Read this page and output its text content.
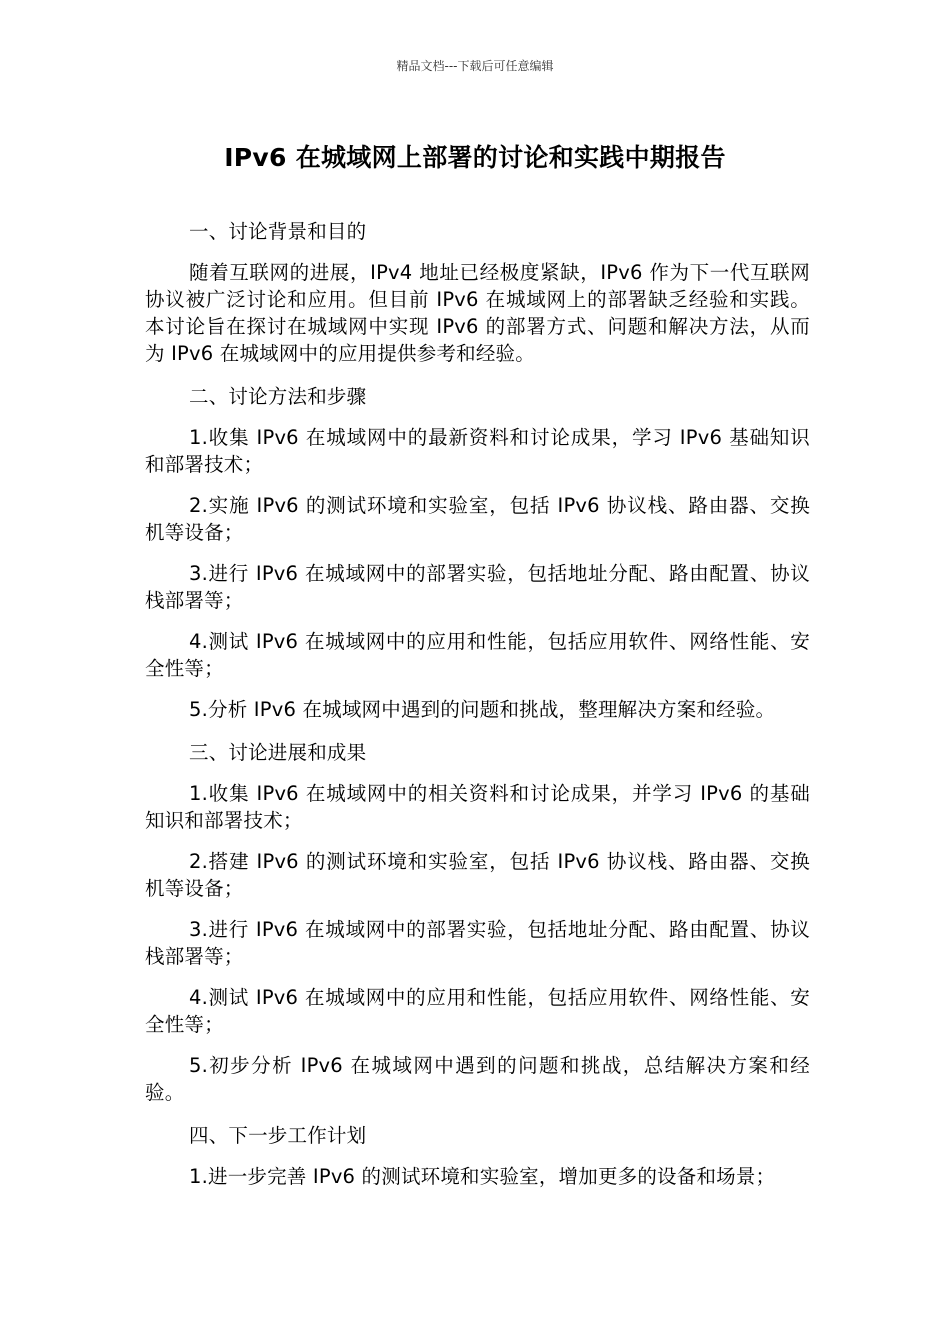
精品文档---下载后可任意编辑
IPv6 在城域网上部署的讨论和实践中期报告

一、讨论背景和目的

随着互联网的进展，IPv4 地址已经极度紧缺，IPv6 作为下一代互联网协议被广泛讨论和应用。但目前 IPv6 在城域网上的部署缺乏经验和实践。本讨论旨在探讨在城域网中实现 IPv6 的部署方式、问题和解决方法，从而为 IPv6 在城域网中的应用提供参考和经验。

二、讨论方法和步骤

1.收集 IPv6 在城域网中的最新资料和讨论成果，学习 IPv6 基础知识和部署技术；

2.实施 IPv6 的测试环境和实验室，包括 IPv6 协议栈、路由器、交换机等设备；

3.进行 IPv6 在城域网中的部署实验，包括地址分配、路由配置、协议栈部署等；

4.测试 IPv6 在城域网中的应用和性能，包括应用软件、网络性能、安全性等；

5.分析 IPv6 在城域网中遇到的问题和挑战，整理解决方案和经验。

三、讨论进展和成果

1.收集 IPv6 在城域网中的相关资料和讨论成果，并学习 IPv6 的基础知识和部署技术；

2.搭建 IPv6 的测试环境和实验室，包括 IPv6 协议栈、路由器、交换机等设备；

3.进行 IPv6 在城域网中的部署实验，包括地址分配、路由配置、协议栈部署等；

4.测试 IPv6 在城域网中的应用和性能，包括应用软件、网络性能、安全性等；

5.初步分析 IPv6 在城域网中遇到的问题和挑战，总结解决方案和经验。

四、下一步工作计划

1.进一步完善 IPv6 的测试环境和实验室，增加更多的设备和场景；
